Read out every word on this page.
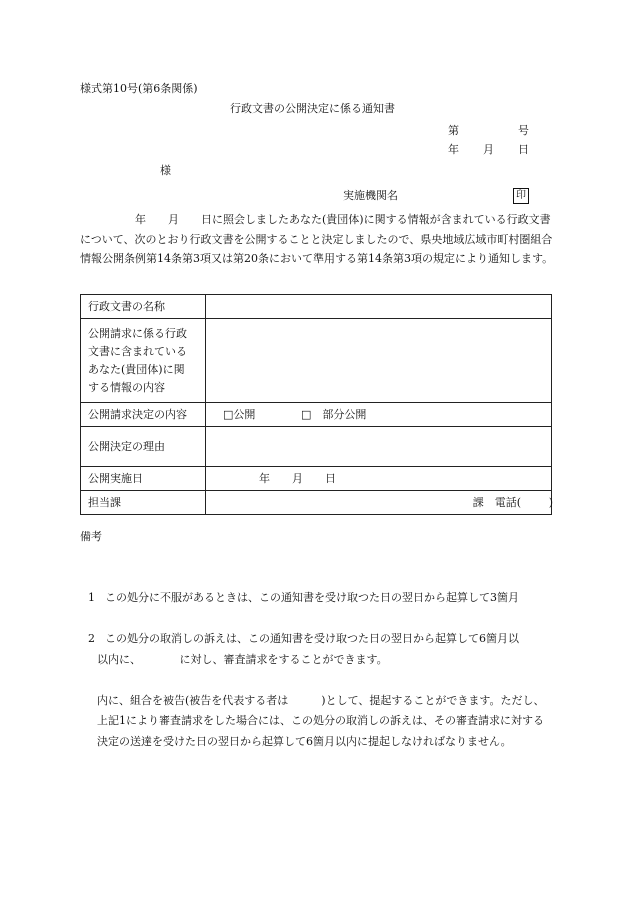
様式第10号(第6条関係)
行政文書の公開決定に係る通知書
第	号
年 月 日
様
実施機関名	印
　　　　　年　　月　　日に照会しましたあなた(貴団体)に関する情報が含まれている行政文書について、次のとおり行政文書を公開することと決定しましたので、県央地域広域市町村圏組合情報公開条例第14条第3項又は第20条において準用する第14条第3項の規定により通知します。
行政文書の名称	
公開請求に係る行政
文書に含まれている
あなた(貴団体)に関
する情報の内容	
公開請求決定の内容	□公開 □　部分公開
公開決定の理由	
公開実施日	年　　月　　日
担当課	課　電話( )
備考

1 この処分に不服があるときは、この通知書を受け取つた日の翌日から起算して3箇月

以内に、　　　　に対し、審査請求をすることができます。

2 この処分の取消しの訴えは、この通知書を受け取つた日の翌日から起算して6箇月以

内に、組合を被告(被告を代表する者は　　　)として、提起することができます。ただし、上記1により審査請求をした場合には、この処分の取消しの訴えは、その審査請求に対する決定の送達を受けた日の翌日から起算して6箇月以内に提起しなければなりません。
